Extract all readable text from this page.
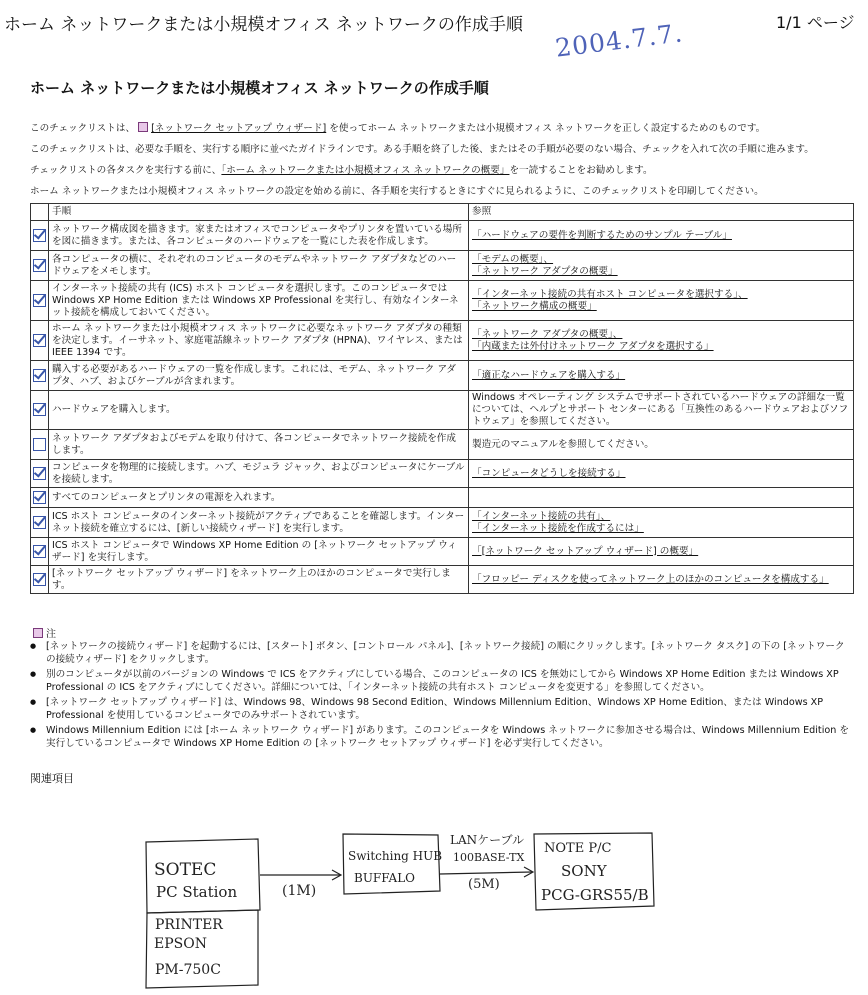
ホーム ネットワークまたは小規模オフィス ネットワークの作成手順	1/1 ページ
2004.7.7.
ホーム ネットワークまたは小規模オフィス ネットワークの作成手順
このチェックリストは、 [ネットワーク セットアップ ウィザード] を使ってホーム ネットワークまたは小規模オフィス ネットワークを正しく設定するためのものです。
このチェックリストは、必要な手順を、実行する順序に並べたガイドラインです。ある手順を終了した後、またはその手順が必要のない場合、チェックを入れて次の手順に進みます。
チェックリストの各タスクを実行する前に、「ホーム ネットワークまたは小規模オフィス ネットワークの概要」を一読することをお勧めします。
ホーム ネットワークまたは小規模オフィス ネットワークの設定を始める前に、各手順を実行するときにすぐに見られるように、このチェックリストを印刷してください。
	手順	参照
	ネットワーク構成図を描きます。家またはオフィスでコンピュータやプリンタを置いている場所を図に描きます。または、各コンピュータのハードウェアを一覧にした表を作成します。	「ハードウェアの要件を判断するためのサンプル テーブル」
	各コンピュータの横に、それぞれのコンピュータのモデムやネットワーク アダプタなどのハードウェアをメモします。	「モデムの概要」、
「ネットワーク アダプタの概要」
	インターネット接続の共有 (ICS) ホスト コンピュータを選択します。このコンピュータでは Windows XP Home Edition または Windows XP Professional を実行し、有効なインターネット接続を構成しておいてください。	「インターネット接続の共有ホスト コンピュータを選択する」、
「ネットワーク構成の概要」
	ホーム ネットワークまたは小規模オフィス ネットワークに必要なネットワーク アダプタの種類を決定します。イーサネット、家庭電話線ネットワーク アダプタ (HPNA)、ワイヤレス、または IEEE 1394 です。	「ネットワーク アダプタの概要」、
「内蔵または外付けネットワーク アダプタを選択する」
	購入する必要があるハードウェアの一覧を作成します。これには、モデム、ネットワーク アダプタ、ハブ、およびケーブルが含まれます。	「適正なハードウェアを購入する」
	ハードウェアを購入します。	Windows オペレーティング システムでサポートされているハードウェアの詳細な一覧については、ヘルプとサポート センターにある「互換性のあるハードウェアおよびソフトウェア」を参照してください。
	ネットワーク アダプタおよびモデムを取り付けて、各コンピュータでネットワーク接続を作成します。	製造元のマニュアルを参照してください。
	コンピュータを物理的に接続します。ハブ、モジュラ ジャック、およびコンピュータにケーブルを接続します。	「コンピュータどうしを接続する」
	すべてのコンピュータとプリンタの電源を入れます。	
	ICS ホスト コンピュータのインターネット接続がアクティブであることを確認します。インターネット接続を確立するには、[新しい接続ウィザード] を実行します。	「インターネット接続の共有」、
「インターネット接続を作成するには」
	ICS ホスト コンピュータで Windows XP Home Edition の [ネットワーク セットアップ ウィザード] を実行します。	「[ネットワーク セットアップ ウィザード] の概要」
	[ネットワーク セットアップ ウィザード] をネットワーク上のほかのコンピュータで実行します。	「フロッピー ディスクを使ってネットワーク上のほかのコンピュータを構成する」
注
● [ネットワークの接続ウィザード] を起動するには、[スタート] ボタン、[コントロール パネル]、[ネットワーク接続] の順にクリックします。[ネットワーク タスク] の下の [ネットワークの接続ウィザード] をクリックします。
● 別のコンピュータが以前のバージョンの Windows で ICS をアクティブにしている場合、このコンピュータの ICS を無効にしてから Windows XP Home Edition または Windows XP Professional の ICS をアクティブにしてください。詳細については、「インターネット接続の共有ホスト コンピュータを変更する」を参照してください。
● [ネットワーク セットアップ ウィザード] は、Windows 98、Windows 98 Second Edition、Windows Millennium Edition、Windows XP Home Edition、または Windows XP Professional を使用しているコンピュータでのみサポートされています。
● Windows Millennium Edition には [ホーム ネットワーク ウィザード] があります。このコンピュータを Windows ネットワークに参加させる場合は、Windows Millennium Edition を実行しているコンピュータで Windows XP Home Edition の [ネットワーク セットアップ ウィザード] を必ず実行してください。
関連項目
SOTEC
PC Station	(1M)
Switching HUB
BUFFALO
LANケーブル
100BASE-TX
(5M)
NOTE P/C
SONY
PCG-GRS55/B
PRINTER
EPSON
PM-750C
